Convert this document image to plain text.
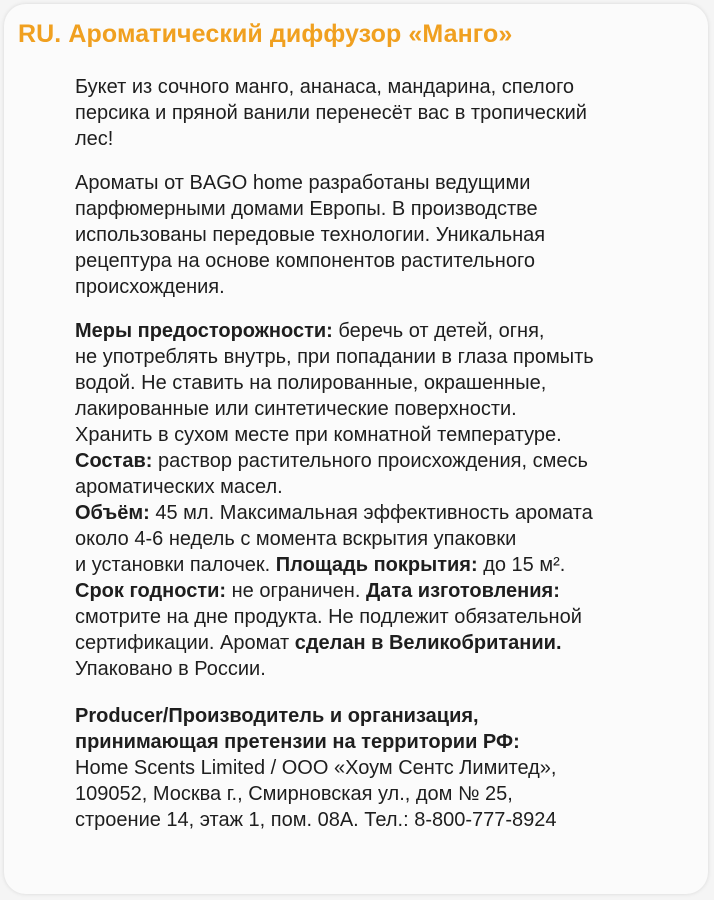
RU. Ароматический диффузор «Манго»

Букет из сочного манго, ананаса, мандарина, спелого
персика и пряной ванили перенесёт вас в тропический
лес!

Ароматы от BAGO home разработаны ведущими
парфюмерными домами Европы. В производстве
использованы передовые технологии. Уникальная
рецептура на основе компонентов растительного
происхождения.

Меры предосторожности: беречь от детей, огня,
не употреблять внутрь, при попадании в глаза промыть
водой. Не ставить на полированные, окрашенные,
лакированные или синтетические поверхности.
Хранить в сухом месте при комнатной температуре.
Состав: раствор растительного происхождения, смесь
ароматических масел.
Объём: 45 мл. Максимальная эффективность аромата
около 4-6 недель с момента вскрытия упаковки
и установки палочек. Площадь покрытия: до 15 м².
Срок годности: не ограничен. Дата изготовления:
смотрите на дне продукта. Не подлежит обязательной
сертификации. Аромат сделан в Великобритании.
Упаковано в России.

Producer/Производитель и организация,
принимающая претензии на территории РФ:
Home Scents Limited / ООО «Хоум Сентс Лимитед»,
109052, Москва г., Смирновская ул., дом № 25,
строение 14, этаж 1, пом. 08А. Тел.: 8-800-777-8924
